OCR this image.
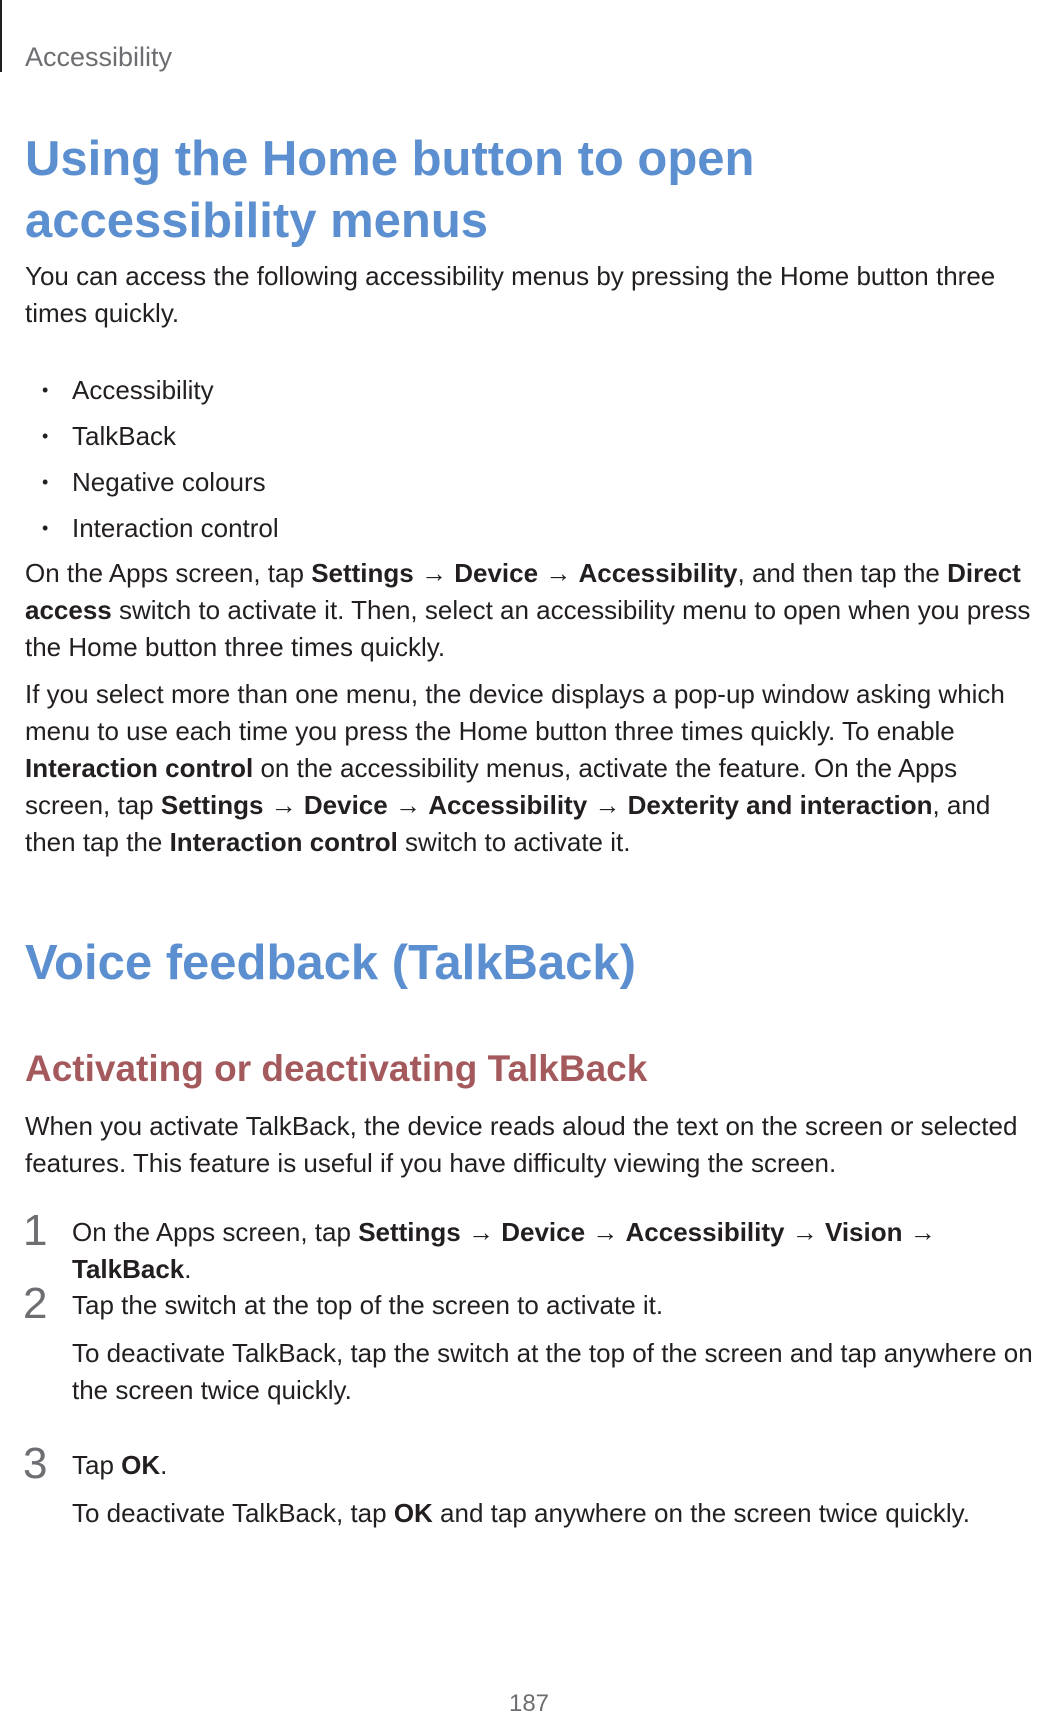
Accessibility
Using the Home button to open accessibility menus

You can access the following accessibility menus by pressing the Home button three times quickly.

• Accessibility
• TalkBack
• Negative colours
• Interaction control

On the Apps screen, tap Settings → Device → Accessibility, and then tap the Direct access switch to activate it. Then, select an accessibility menu to open when you press the Home button three times quickly.

If you select more than one menu, the device displays a pop-up window asking which menu to use each time you press the Home button three times quickly. To enable Interaction control on the accessibility menus, activate the feature. On the Apps screen, tap Settings → Device → Accessibility → Dexterity and interaction, and then tap the Interaction control switch to activate it.

Voice feedback (TalkBack)
Activating or deactivating TalkBack

When you activate TalkBack, the device reads aloud the text on the screen or selected features. This feature is useful if you have difficulty viewing the screen.

1 On the Apps screen, tap Settings → Device → Accessibility → Vision → TalkBack.

2 Tap the switch at the top of the screen to activate it.

To deactivate TalkBack, tap the switch at the top of the screen and tap anywhere on the screen twice quickly.

3 Tap OK.

To deactivate TalkBack, tap OK and tap anywhere on the screen twice quickly.

187
